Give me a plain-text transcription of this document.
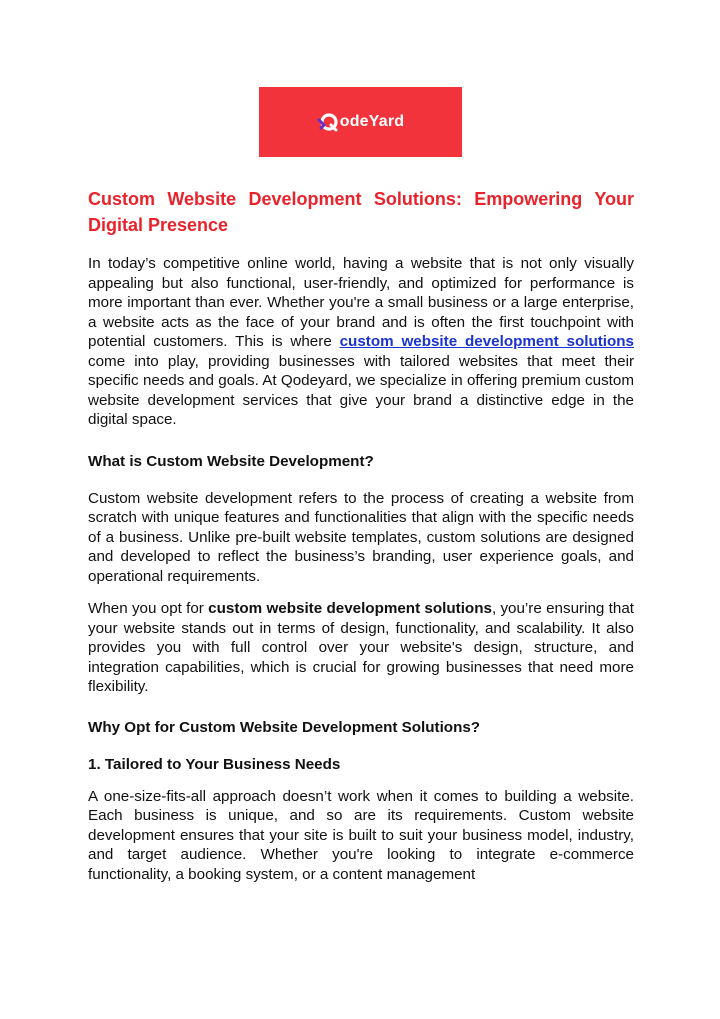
odeYard
Custom Website Development Solutions: Empowering Your Digital Presence

In today’s competitive online world, having a website that is not only visually appealing but also functional, user-friendly, and optimized for performance is more important than ever. Whether you're a small business or a large enterprise, a website acts as the face of your brand and is often the first touchpoint with potential customers. This is where custom website development solutions come into play, providing businesses with tailored websites that meet their specific needs and goals. At Qodeyard, we specialize in offering premium custom website development services that give your brand a distinctive edge in the digital space.

What is Custom Website Development?

Custom website development refers to the process of creating a website from scratch with unique features and functionalities that align with the specific needs of a business. Unlike pre-built website templates, custom solutions are designed and developed to reflect the business’s branding, user experience goals, and operational requirements.

When you opt for custom website development solutions, you’re ensuring that your website stands out in terms of design, functionality, and scalability. It also provides you with full control over your website's design, structure, and integration capabilities, which is crucial for growing businesses that need more flexibility.

Why Opt for Custom Website Development Solutions?
1. Tailored to Your Business Needs

A one-size-fits-all approach doesn’t work when it comes to building a website. Each business is unique, and so are its requirements. Custom website development ensures that your site is built to suit your business model, industry, and target audience. Whether you're looking to integrate e-commerce functionality, a booking system, or a content management
